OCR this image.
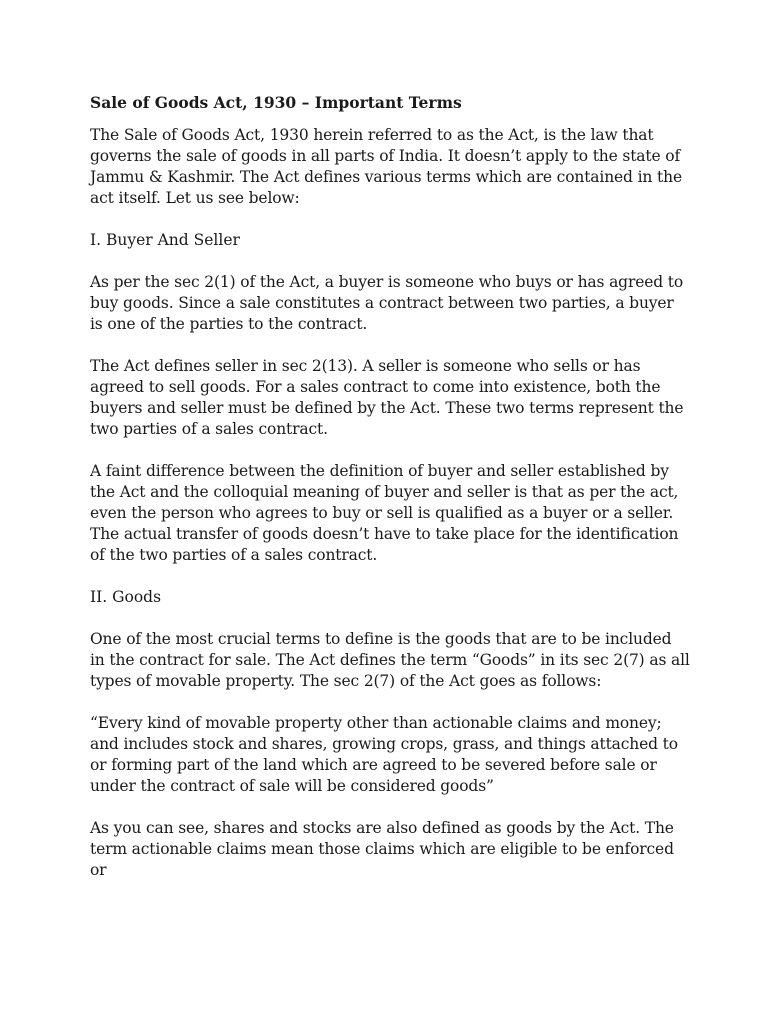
Sale of Goods Act, 1930 – Important Terms
The Sale of Goods Act, 1930 herein referred to as the Act, is the law that governs the sale of goods in all parts of India. It doesn’t apply to the state of Jammu & Kashmir. The Act defines various terms which are contained in the act itself. Let us see below:
I. Buyer And Seller
As per the sec 2(1) of the Act, a buyer is someone who buys or has agreed to buy goods. Since a sale constitutes a contract between two parties, a buyer is one of the parties to the contract.
The Act defines seller in sec 2(13). A seller is someone who sells or has agreed to sell goods. For a sales contract to come into existence, both the buyers and seller must be defined by the Act. These two terms represent the two parties of a sales contract.
A faint difference between the definition of buyer and seller established by the Act and the colloquial meaning of buyer and seller is that as per the act, even the person who agrees to buy or sell is qualified as a buyer or a seller. The actual transfer of goods doesn’t have to take place for the identification of the two parties of a sales contract.
II. Goods
One of the most crucial terms to define is the goods that are to be included in the contract for sale. The Act defines the term “Goods” in its sec 2(7) as all types of movable property. The sec 2(7) of the Act goes as follows:
“Every kind of movable property other than actionable claims and money; and includes stock and shares, growing crops, grass, and things attached to or forming part of the land which are agreed to be severed before sale or under the contract of sale will be considered goods”
As you can see, shares and stocks are also defined as goods by the Act. The term actionable claims mean those claims which are eligible to be enforced or
